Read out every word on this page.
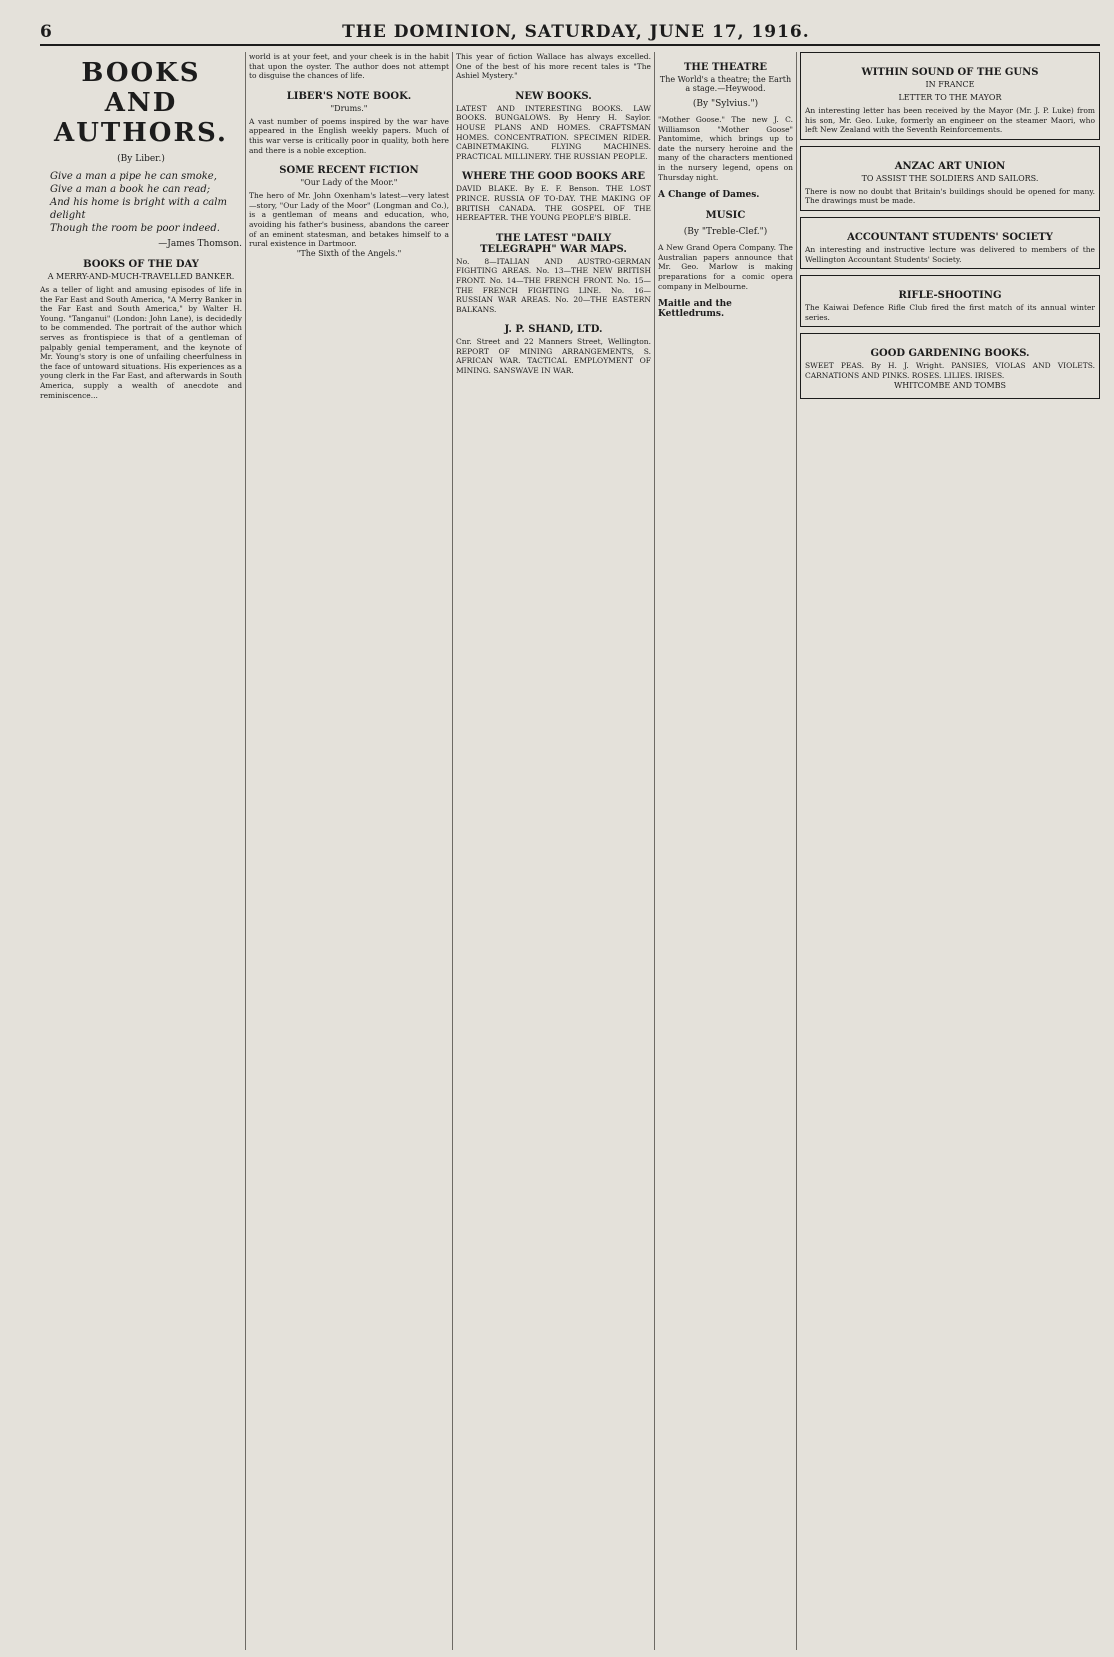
6	THE DOMINION, SATURDAY, JUNE 17, 1916.
BOOKS AND AUTHORS.
(By Liber.)
Give a man a pipe he can smoke,
Give a man a book he can read;
And his home is bright with a calm delight
Though the room be poor indeed.
—James Thomson.
BOOKS OF THE DAY
A MERRY-AND-MUCH-TRAVELLED BANKER.
As a teller of light and amusing episodes of life in the Far East and South America, "A Merry Banker in the Far East and South America," by Walter H. Young. "Tanganui" (London: John Lane), is decidedly to be commended. The portrait of the author which serves as frontispiece is that of a gentleman of palpably genial temperament, and the keynote of Mr. Young's story is one of unfailing cheerfulness in the face of untoward situations. His experiences as a young clerk in the Far East, and afterwards in South America, supply a wealth of anecdote and reminiscence...
world is at your feet, and your cheek is in the habit that upon the oyster. The author does not attempt to disguise the chances of life.
LIBER'S NOTE BOOK.
"Drums."
A vast number of poems inspired by the war have appeared in the English weekly papers. Much of this war verse is critically poor in quality, both here and there is a noble exception.
SOME RECENT FICTION
"Our Lady of the Moor."
The hero of Mr. John Oxenham's latest—very latest—story, "Our Lady of the Moor" (Longman and Co.), is a gentleman of means and education, who, avoiding his father's business, abandons the career of an eminent statesman, and betakes himself to a rural existence in Dartmoor.
"The Sixth of the Angels."
This year of fiction Wallace has always excelled. One of the best of his more recent tales is "The Ashiel Mystery."
NEW BOOKS.
LATEST AND INTERESTING BOOKS. LAW BOOKS. BUNGALOWS. By Henry H. Saylor. HOUSE PLANS AND HOMES. CRAFTSMAN HOMES. CONCENTRATION. SPECIMEN RIDER. CABINETMAKING. FLYING MACHINES. PRACTICAL MILLINERY. THE RUSSIAN PEOPLE.
WHERE THE GOOD BOOKS ARE
DAVID BLAKE. By E. F. Benson. THE LOST PRINCE. RUSSIA OF TO-DAY. THE MAKING OF BRITISH CANADA. THE GOSPEL OF THE HEREAFTER. THE YOUNG PEOPLE'S BIBLE.
THE LATEST "DAILY TELEGRAPH" WAR MAPS.
No. 8—ITALIAN AND AUSTRO-GERMAN FIGHTING AREAS. No. 13—THE NEW BRITISH FRONT. No. 14—THE FRENCH FRONT. No. 15—THE FRENCH FIGHTING LINE. No. 16—RUSSIAN WAR AREAS. No. 20—THE EASTERN BALKANS.
J. P. SHAND, LTD.
Cnr. Street and 22 Manners Street, Wellington. REPORT OF MINING ARRANGEMENTS, S. AFRICAN WAR. TACTICAL EMPLOYMENT OF MINING. SANSWAVE IN WAR.
THE THEATRE
The World's a theatre; the Earth a stage.—Heywood.
(By "Sylvius.")
"Mother Goose." The new J. C. Williamson "Mother Goose" Pantomime, which brings up to date the nursery heroine and the many of the characters mentioned in the nursery legend, opens on Thursday night.
A Change of Dames.
MUSIC
(By "Treble-Clef.")
A New Grand Opera Company. The Australian papers announce that Mr. Geo. Marlow is making preparations for a comic opera company in Melbourne.
Maitle and the Kettledrums.
WITHIN SOUND OF THE GUNS
IN FRANCE
LETTER TO THE MAYOR
An interesting letter has been received by the Mayor (Mr. J. P. Luke) from his son, Mr. Geo. Luke, formerly an engineer on the steamer Maori, who left New Zealand with the Seventh Reinforcements.
ANZAC ART UNION
TO ASSIST THE SOLDIERS AND SAILORS.
There is now no doubt that Britain's buildings should be opened for many. The drawings must be made.
ACCOUNTANT STUDENTS' SOCIETY
An interesting and instructive lecture was delivered to members of the Wellington Accountant Students' Society.
RIFLE-SHOOTING
The Kaiwai Defence Rifle Club fired the first match of its annual winter series.
GOOD GARDENING BOOKS.
SWEET PEAS. By H. J. Wright. PANSIES, VIOLAS AND VIOLETS. CARNATIONS AND PINKS. ROSES. LILIES. IRISES.
WHITCOMBE AND TOMBS
